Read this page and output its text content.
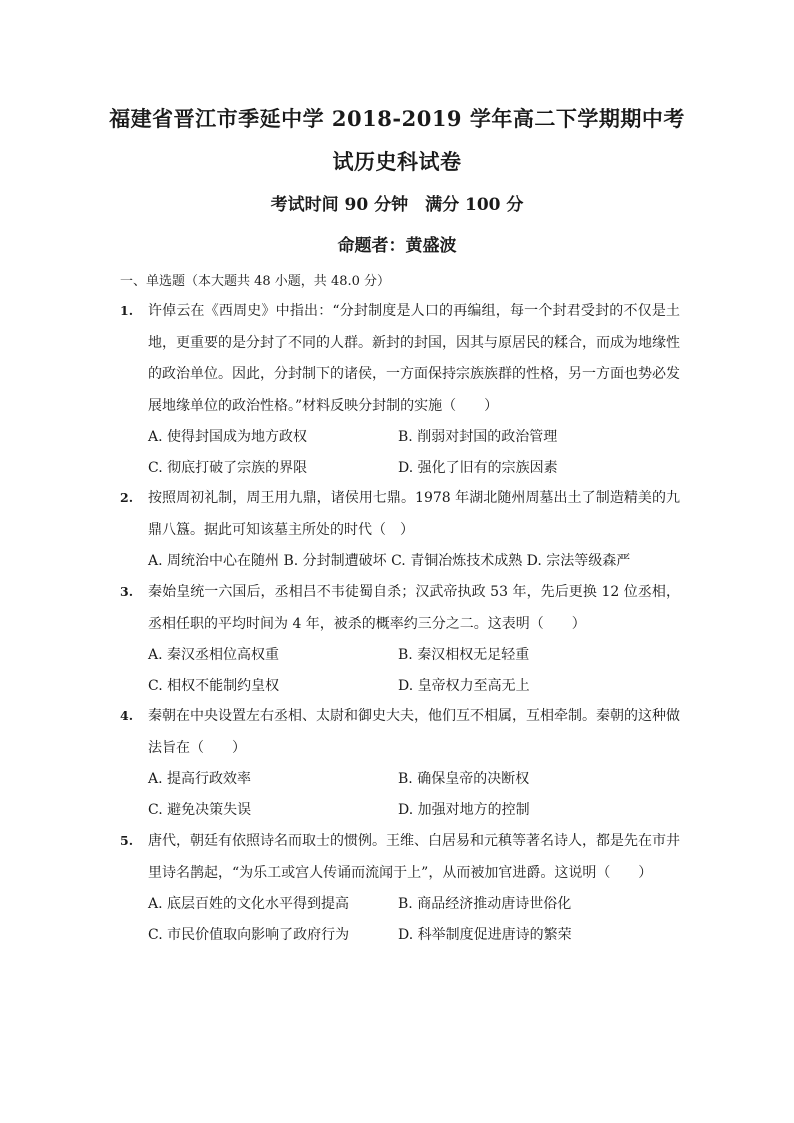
福建省晋江市季延中学 2018-2019 学年高二下学期期中考
试历史科试卷
考试时间 90 分钟　满分 100 分
命题者：黄盛波
一、单选题（本大题共 48 小题，共 48.0 分）
1. 许倬云在《西周史》中指出：“分封制度是人口的再编组，每一个封君受封的不仅是土地，更重要的是分封了不同的人群。新封的封国，因其与原居民的糅合，而成为地缘性的政治单位。因此，分封制下的诸侯，一方面保持宗族族群的性格，另一方面也势必发展地缘单位的政治性格。”材料反映分封制的实施（　　）
A. 使得封国成为地方政权	B. 削弱对封国的政治管理
C. 彻底打破了宗族的界限	D. 强化了旧有的宗族因素
2. 按照周初礼制，周王用九鼎，诸侯用七鼎。1978 年湖北随州周墓出土了制造精美的九鼎八簋。据此可知该墓主所处的时代（　）
A. 周统治中心在随州 B. 分封制遭破坏 C. 青铜冶炼技术成熟 D. 宗法等级森严
3. 秦始皇统一六国后，丞相吕不韦徒蜀自杀；汉武帝执政 53 年，先后更换 12 位丞相，丞相任职的平均时间为 4 年，被杀的概率约三分之二。这表明（　　）
A. 秦汉丞相位高权重	B. 秦汉相权无足轻重
C. 相权不能制约皇权	D. 皇帝权力至高无上
4. 秦朝在中央设置左右丞相、太尉和御史大夫，他们互不相属，互相牵制。秦朝的这种做法旨在（　　）
A. 提高行政效率	B. 确保皇帝的决断权
C. 避免决策失误	D. 加强对地方的控制
5. 唐代，朝廷有依照诗名而取士的惯例。王维、白居易和元稹等著名诗人，都是先在市井里诗名鹊起，“为乐工或宫人传诵而流闻于上”，从而被加官进爵。这说明（　　）
A. 底层百姓的文化水平得到提高	B. 商品经济推动唐诗世俗化
C. 市民价值取向影响了政府行为	D. 科举制度促进唐诗的繁荣
